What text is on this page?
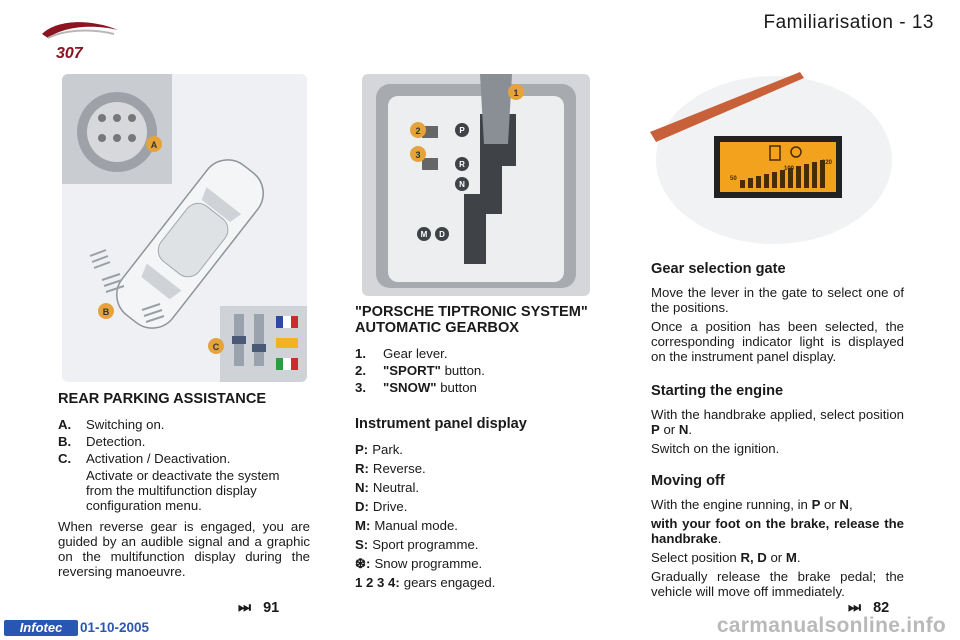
307
Familiarisation - 13
A
B
C
P
R
N
D
M
1
2
3
50
100
120
REAR PARKING ASSISTANCE
A.	Switching on.
B.	Detection.
C.	Activation / Deactivation.

Activate or deactivate the system from the multifunction display configuration menu.

When reverse gear is engaged, you are guided by an audible signal and a graphic on the multifunction display during the reversing manoeuvre.

⏭ 91
"PORSCHE TIPTRONIC SYSTEM" AUTOMATIC GEARBOX
1.	Gear lever.
2.	"SPORT" button.
3.	"SNOW" button
Instrument panel display
P: Park.
R: Reverse.
N: Neutral.
D: Drive.
M: Manual mode.
S: Sport programme.
❆: Snow programme.
1 2 3 4: gears engaged.
Gear selection gate

Move the lever in the gate to select one of the positions.

Once a position has been selected, the corresponding indicator light is displayed on the instrument panel display.

Starting the engine

With the handbrake applied, select position P or N.

Switch on the ignition.

Moving off

With the engine running, in P or N,

with your foot on the brake, release the handbrake.

Select position R, D or M.

Gradually release the brake pedal; the vehicle will move off immediately.

⏭ 82
Infotec	01-10-2005	carmanualsonline.info
